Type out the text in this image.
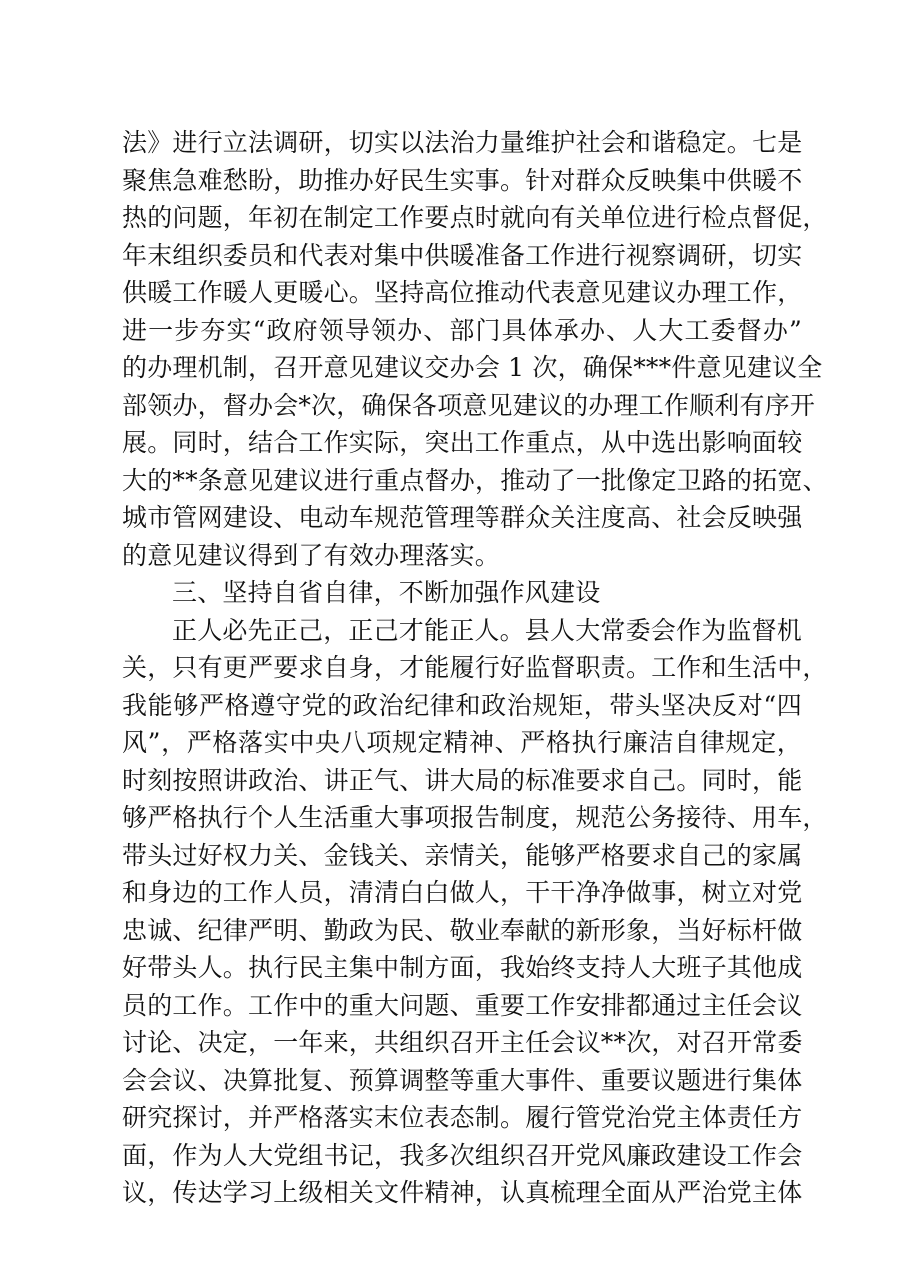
法》进行立法调研，切实以法治力量维护社会和谐稳定。七是
聚焦急难愁盼，助推办好民生实事。针对群众反映集中供暖不
热的问题，年初在制定工作要点时就向有关单位进行检点督促，
年末组织委员和代表对集中供暖准备工作进行视察调研，切实
供暖工作暖人更暖心。坚持高位推动代表意见建议办理工作，
进一步夯实“政府领导领办、部门具体承办、人大工委督办”
的办理机制，召开意见建议交办会 1 次，确保***件意见建议全
部领办，督办会*次，确保各项意见建议的办理工作顺利有序开
展。同时，结合工作实际，突出工作重点，从中选出影响面较
大的**条意见建议进行重点督办，推动了一批像定卫路的拓宽、
城市管网建设、电动车规范管理等群众关注度高、社会反映强
的意见建议得到了有效办理落实。
三、坚持自省自律，不断加强作风建设
正人必先正己，正己才能正人。县人大常委会作为监督机
关，只有更严要求自身，才能履行好监督职责。工作和生活中，
我能够严格遵守党的政治纪律和政治规矩，带头坚决反对“四
风”，严格落实中央八项规定精神、严格执行廉洁自律规定，
时刻按照讲政治、讲正气、讲大局的标准要求自己。同时，能
够严格执行个人生活重大事项报告制度，规范公务接待、用车，
带头过好权力关、金钱关、亲情关，能够严格要求自己的家属
和身边的工作人员，清清白白做人，干干净净做事，树立对党
忠诚、纪律严明、勤政为民、敬业奉献的新形象，当好标杆做
好带头人。执行民主集中制方面，我始终支持人大班子其他成
员的工作。工作中的重大问题、重要工作安排都通过主任会议
讨论、决定，一年来，共组织召开主任会议**次，对召开常委
会会议、决算批复、预算调整等重大事件、重要议题进行集体
研究探讨，并严格落实末位表态制。履行管党治党主体责任方
面，作为人大党组书记，我多次组织召开党风廉政建设工作会
议，传达学习上级相关文件精神，认真梳理全面从严治党主体
